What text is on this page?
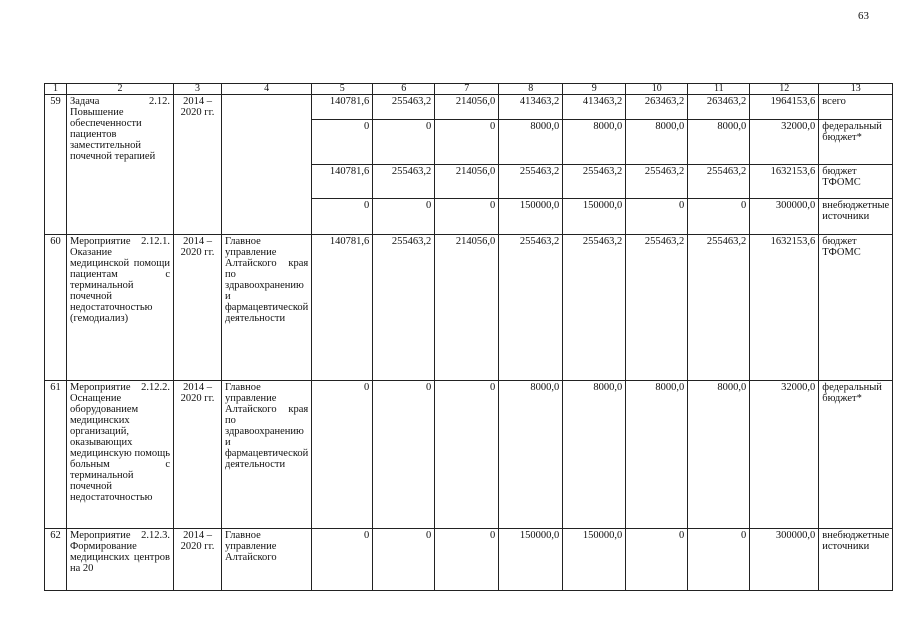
63
1	2	3	4	5	6	7	8	9	10	11	12	13
59	Задача 2.12. Повышение обеспеченности пациентов заместительной почечной терапией	2014 – 2020 гг.		140781,6	255463,2	214056,0	413463,2	413463,2	263463,2	263463,2	1964153,6	всего
				0	0	0	8000,0	8000,0	8000,0	8000,0	32000,0	федеральный бюджет*
				140781,6	255463,2	214056,0	255463,2	255463,2	255463,2	255463,2	1632153,6	бюджет ТФОМС
				0	0	0	150000,0	150000,0	0	0	300000,0	внебюджетные источники
60	Мероприятие 2.12.1. Оказание медицинской помощи пациентам с терминальной почечной недостаточностью (гемодиализ)	2014 – 2020 гг.	Главное управление Алтайского края по здравоохранению и фармацевтической деятельности	140781,6	255463,2	214056,0	255463,2	255463,2	255463,2	255463,2	1632153,6	бюджет ТФОМС
61	Мероприятие 2.12.2. Оснащение оборудованием медицинских организаций, оказывающих медицинскую помощь больным с терминальной почечной недостаточностью	2014 – 2020 гг.	Главное управление Алтайского края по здравоохранению и фармацевтической деятельности	0	0	0	8000,0	8000,0	8000,0	8000,0	32000,0	федеральный бюджет*
62	Мероприятие 2.12.3. Формирование медицинских центров на 20	2014 – 2020 гг.	Главное управление Алтайского	0	0	0	150000,0	150000,0	0	0	300000,0	внебюджетные источники
